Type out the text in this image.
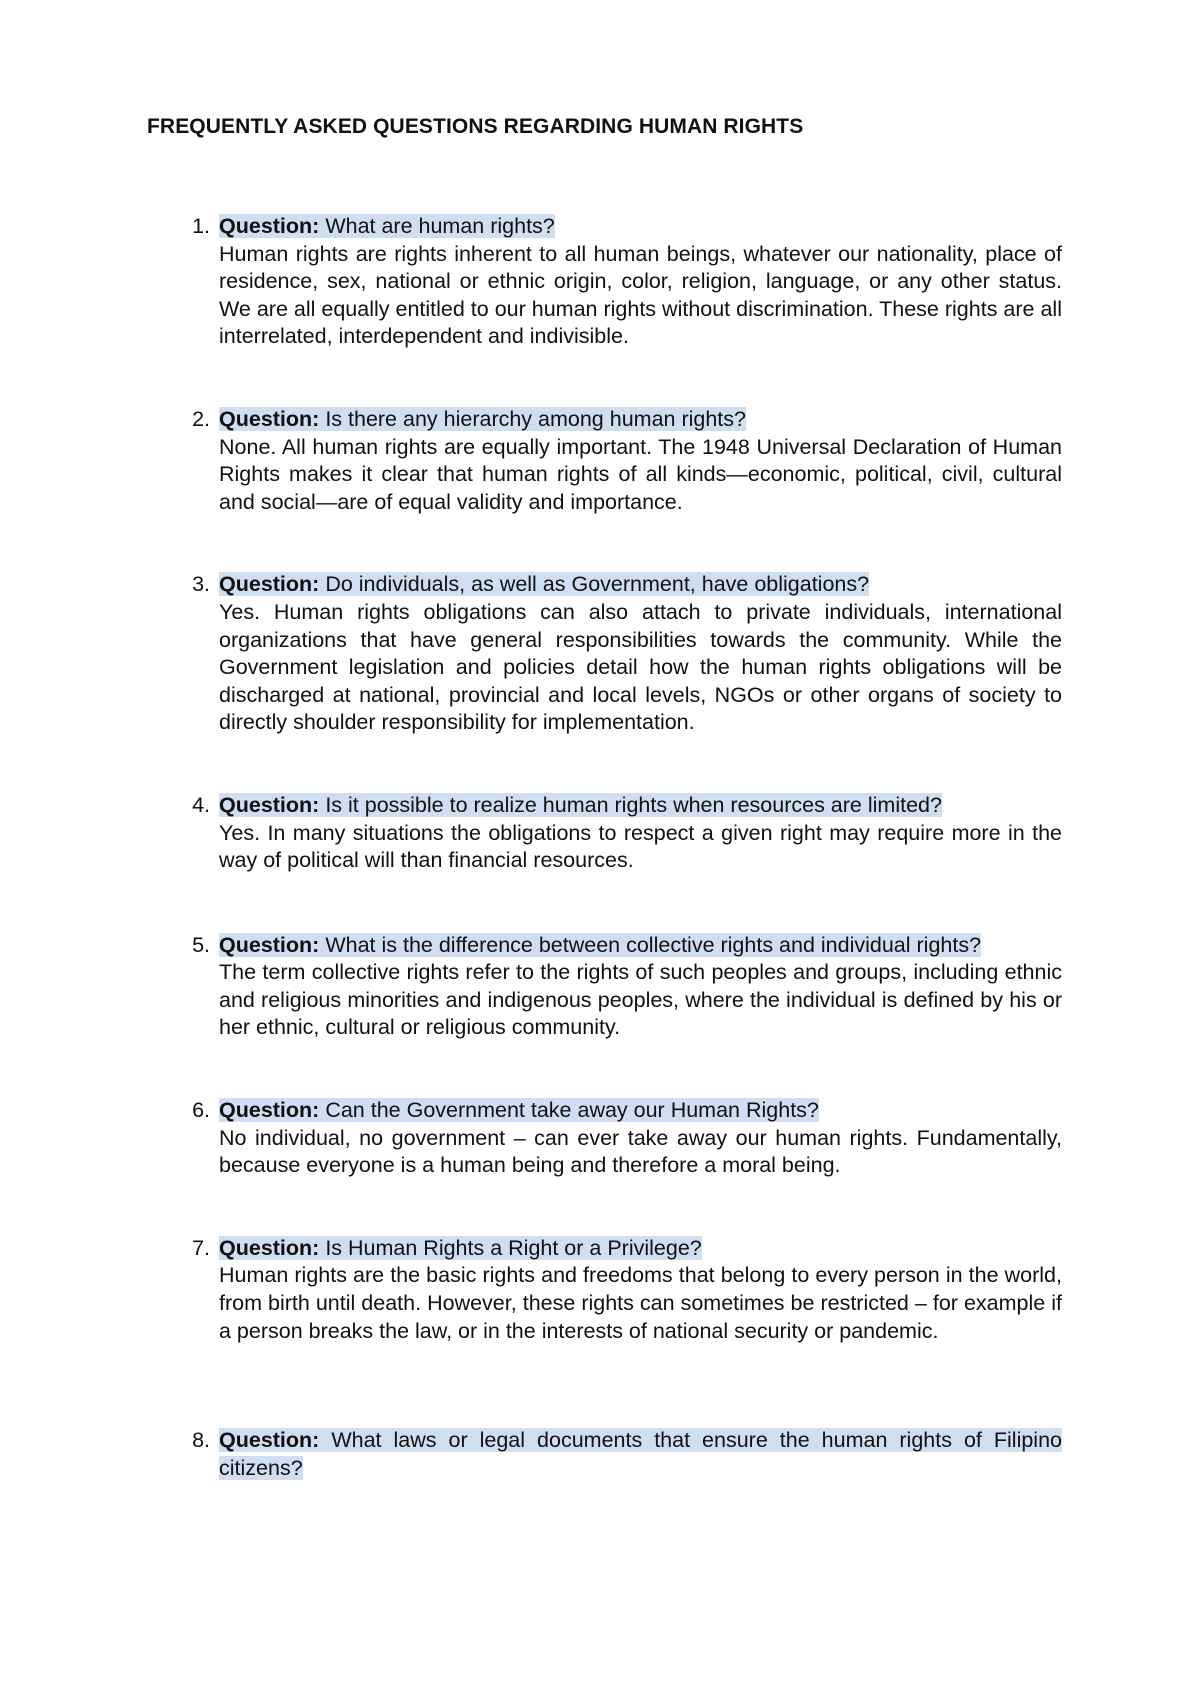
FREQUENTLY ASKED QUESTIONS REGARDING HUMAN RIGHTS
1. Question: What are human rights?
Human rights are rights inherent to all human beings, whatever our nationality, place of residence, sex, national or ethnic origin, color, religion, language, or any other status. We are all equally entitled to our human rights without discrimination. These rights are all interrelated, interdependent and indivisible.
2. Question: Is there any hierarchy among human rights?
None. All human rights are equally important. The 1948 Universal Declaration of Human Rights makes it clear that human rights of all kinds—economic, political, civil, cultural and social—are of equal validity and importance.
3. Question: Do individuals, as well as Government, have obligations?
Yes. Human rights obligations can also attach to private individuals, international organizations that have general responsibilities towards the community. While the Government legislation and policies detail how the human rights obligations will be discharged at national, provincial and local levels, NGOs or other organs of society to directly shoulder responsibility for implementation.
4. Question: Is it possible to realize human rights when resources are limited?
Yes. In many situations the obligations to respect a given right may require more in the way of political will than financial resources.
5. Question: What is the difference between collective rights and individual rights?
The term collective rights refer to the rights of such peoples and groups, including ethnic and religious minorities and indigenous peoples, where the individual is defined by his or her ethnic, cultural or religious community.
6. Question: Can the Government take away our Human Rights?
No individual, no government – can ever take away our human rights. Fundamentally, because everyone is a human being and therefore a moral being.
7. Question: Is Human Rights a Right or a Privilege?
Human rights are the basic rights and freedoms that belong to every person in the world, from birth until death. However, these rights can sometimes be restricted – for example if a person breaks the law, or in the interests of national security or pandemic.
8. Question: What laws or legal documents that ensure the human rights of Filipino citizens?
